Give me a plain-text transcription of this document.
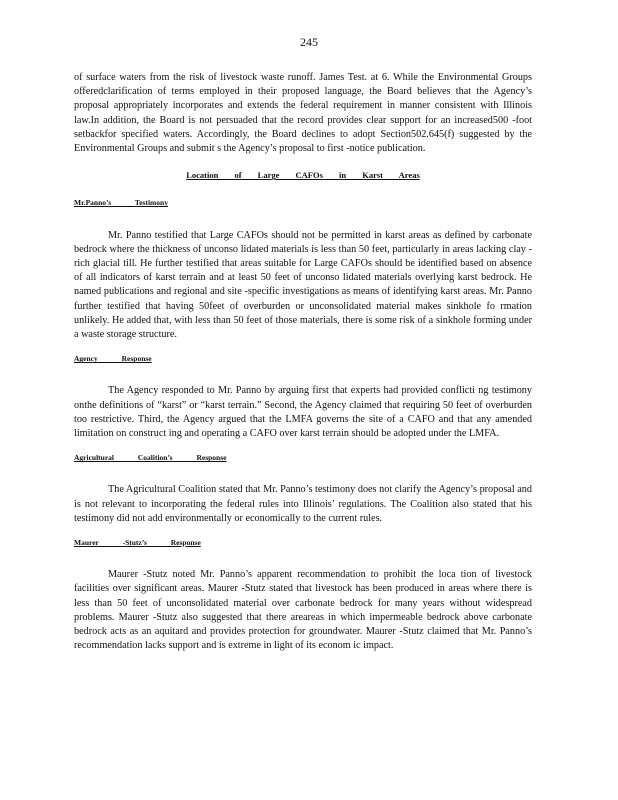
245

of surface waters from the risk of livestock waste runoff. James Test. at 6. While the Environmental Groups offeredclarification of terms employed in their proposed language, the Board believes that the Agency’s proposal appropriately incorporates and extends the federal requirement in manner consistent with Illinois law.In addition, the Board is not persuaded that the record provides clear support for an increased500 -foot setbackfor specified waters. Accordingly, the Board declines to adopt Section502.645(f) suggested by the Environmental Groups and submit s the Agency’s proposal to first -notice publication.

Location of Large CAFOs in Karst Areas
Mr.Panno’s Testimony

Mr. Panno testified that Large CAFOs should not be permitted in karst areas as defined by carbonate bedrock where the thickness of unconso lidated materials is less than 50 feet, particularly in areas lacking clay -rich glacial till. He further testified that areas suitable for Large CAFOs should be identified based on absence of all indicators of karst terrain and at least 50 feet of unconso lidated materials overlying karst bedrock. He named publications and regional and site -specific investigations as means of identifying karst areas. Mr. Panno further testified that having 50feet of overburden or unconsolidated material makes sinkhole fo rmation unlikely. He added that, with less than 50 feet of those materials, there is some risk of a sinkhole forming under a waste storage structure.

Agency Response

The Agency responded to Mr. Panno by arguing first that experts had provided conflicti ng testimony onthe definitions of “karst” or “karst terrain.” Second, the Agency claimed that requiring 50 feet of overburden too restrictive. Third, the Agency argued that the LMFA governs the site of a CAFO and that any amended limitation on construct ing and operating a CAFO over karst terrain should be adopted under the LMFA.

Agricultural Coalition’s Response

The Agricultural Coalition stated that Mr. Panno’s testimony does not clarify the Agency’s proposal and is not relevant to incorporating the federal rules into Illinois’ regulations. The Coalition also stated that his testimony did not add environmentally or economically to the current rules.

Maurer -Stutz’s Response

Maurer -Stutz noted Mr. Panno’s apparent recommendation to prohibit the loca tion of livestock facilities over significant areas. Maurer -Stutz stated that livestock has been produced in areas where there is less than 50 feet of unconsolidated material over carbonate bedrock for many years without widespread problems. Maurer -Stutz also suggested that there areareas in which impermeable bedrock above carbonate bedrock acts as an aquitard and provides protection for groundwater. Maurer -Stutz claimed that Mr. Panno’s recommendation lacks support and is extreme in light of its econom ic impact.
